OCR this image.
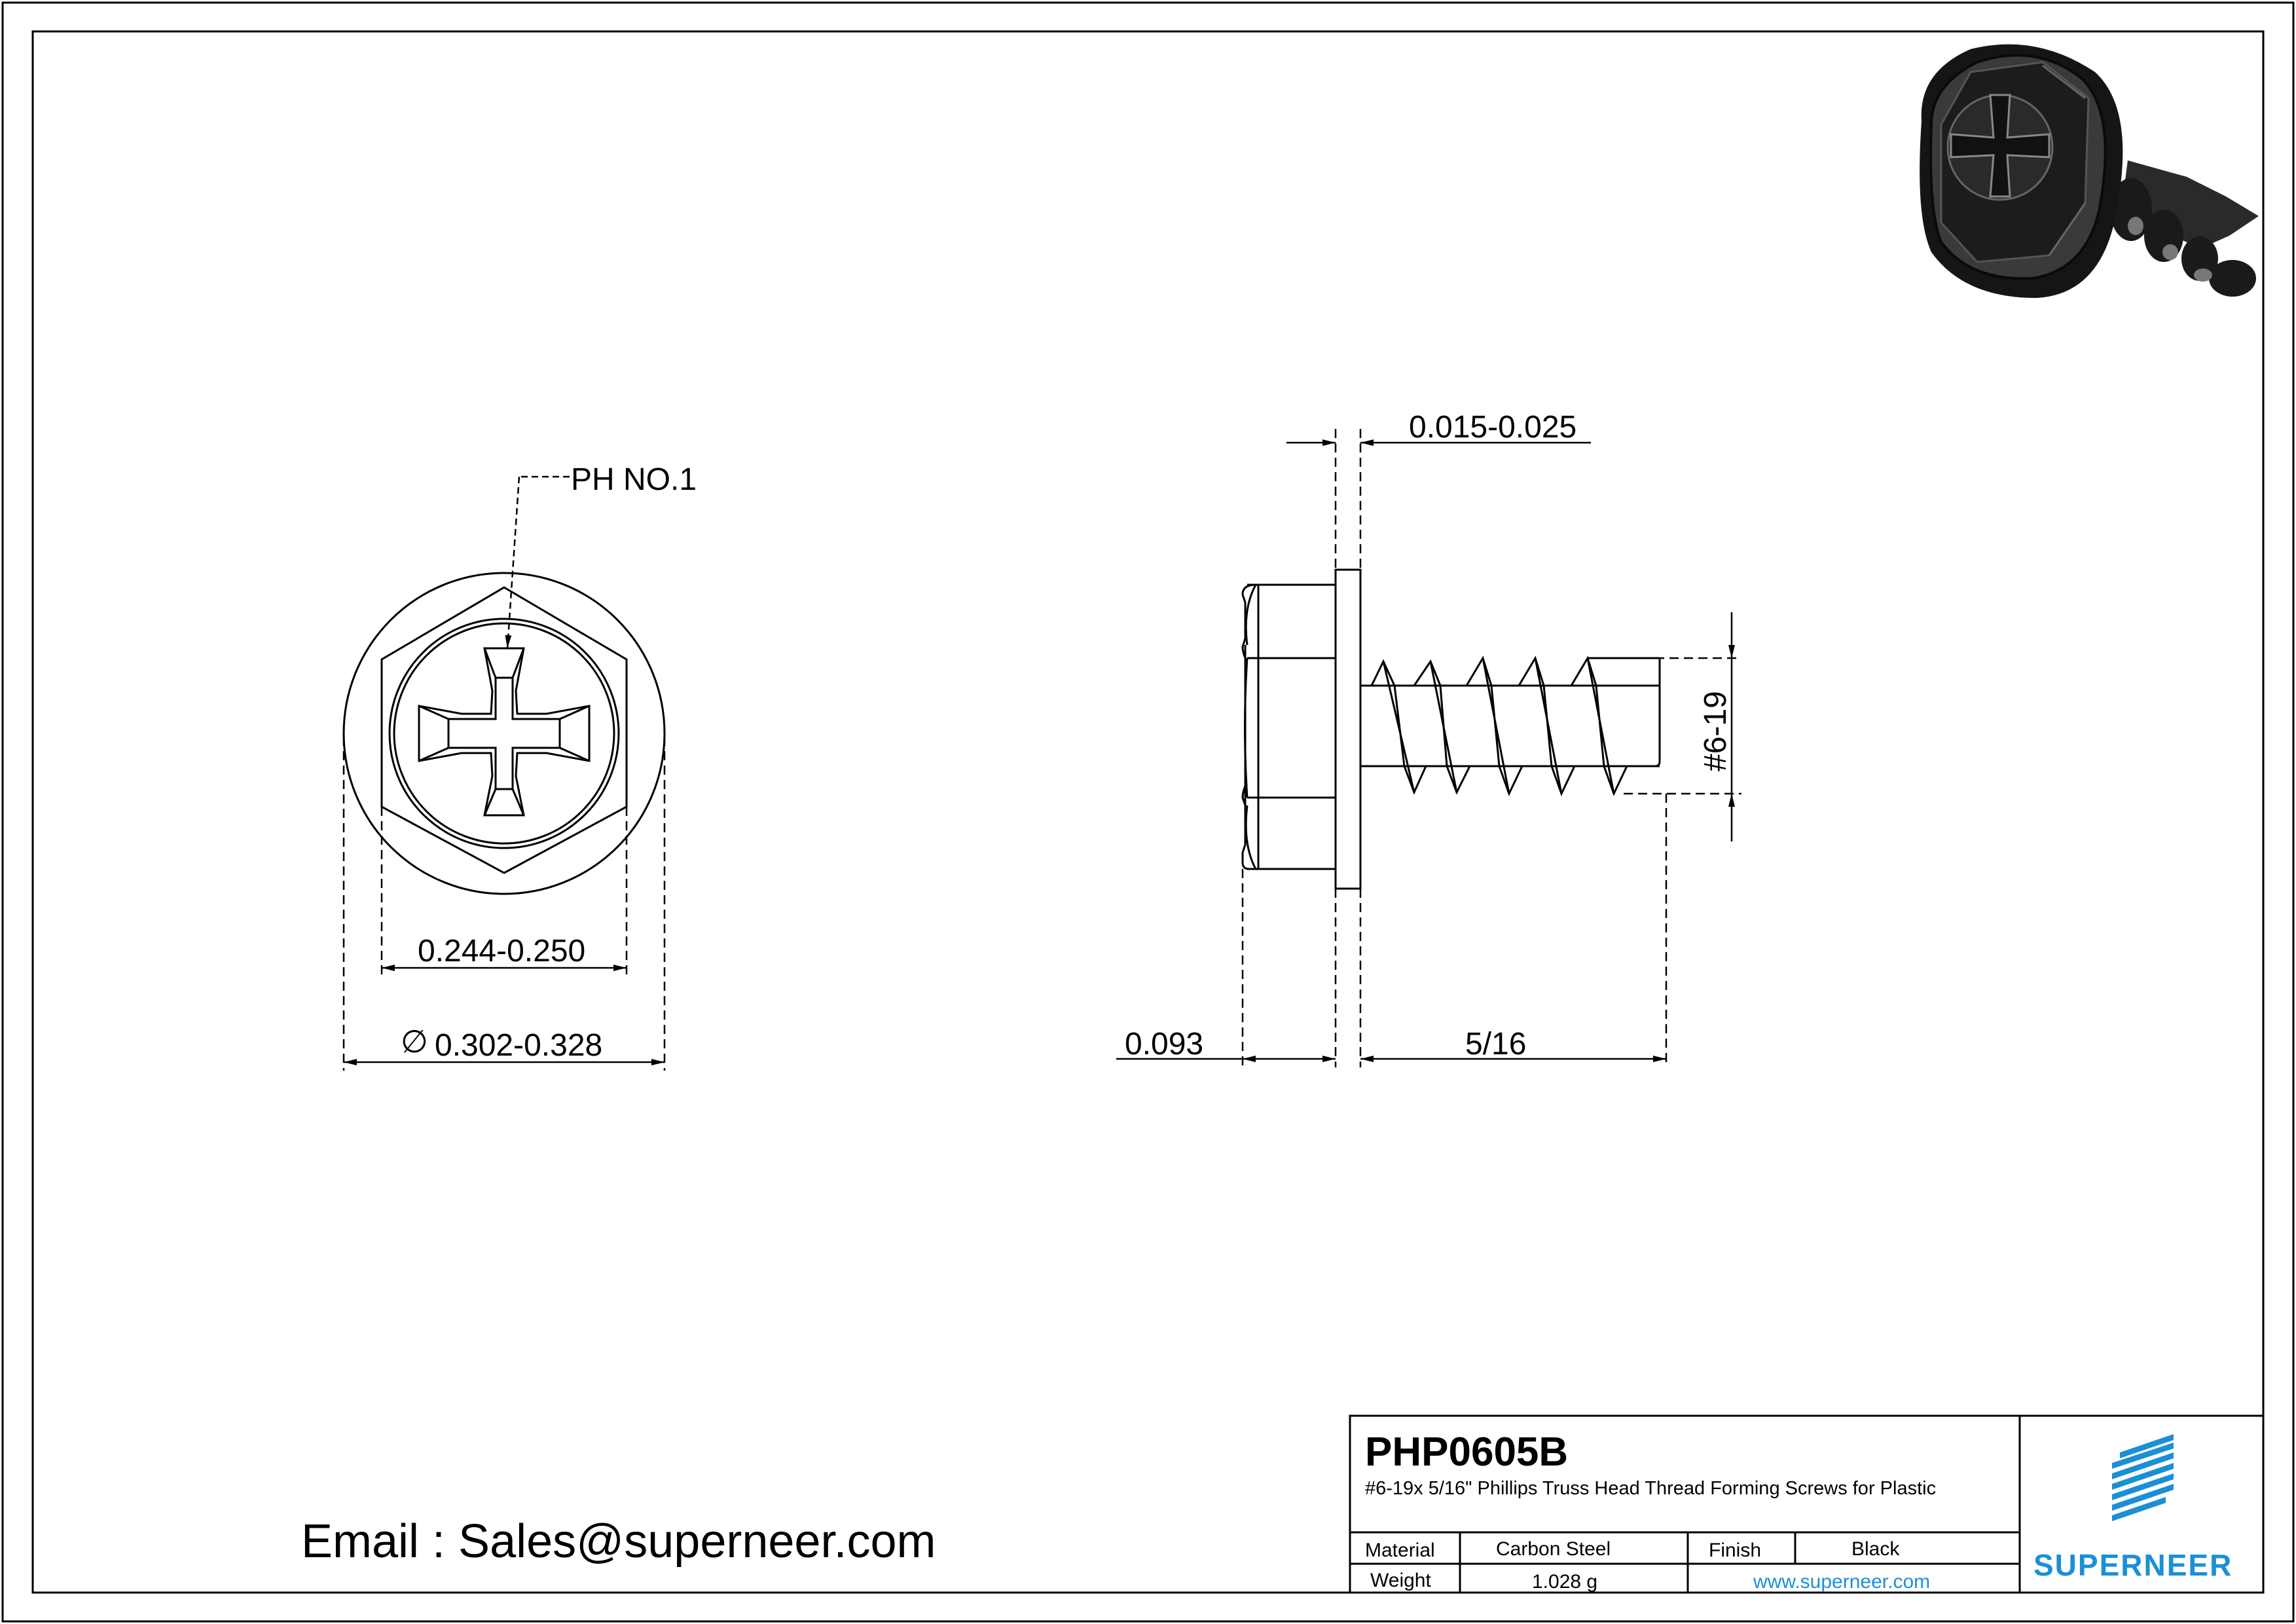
PH NO.1
0.244-0.250
∅ 0.302-0.328
0.015-0.025
0.093	5/16
#6-19
Email : Sales@superneer.com
PHP0605B
#6-19x 5/16" Phillips Truss Head Thread Forming Screws for Plastic
Material	Carbon Steel	Finish	Black
Weight	1.028 g	www.superneer.com	SUPERNEER
